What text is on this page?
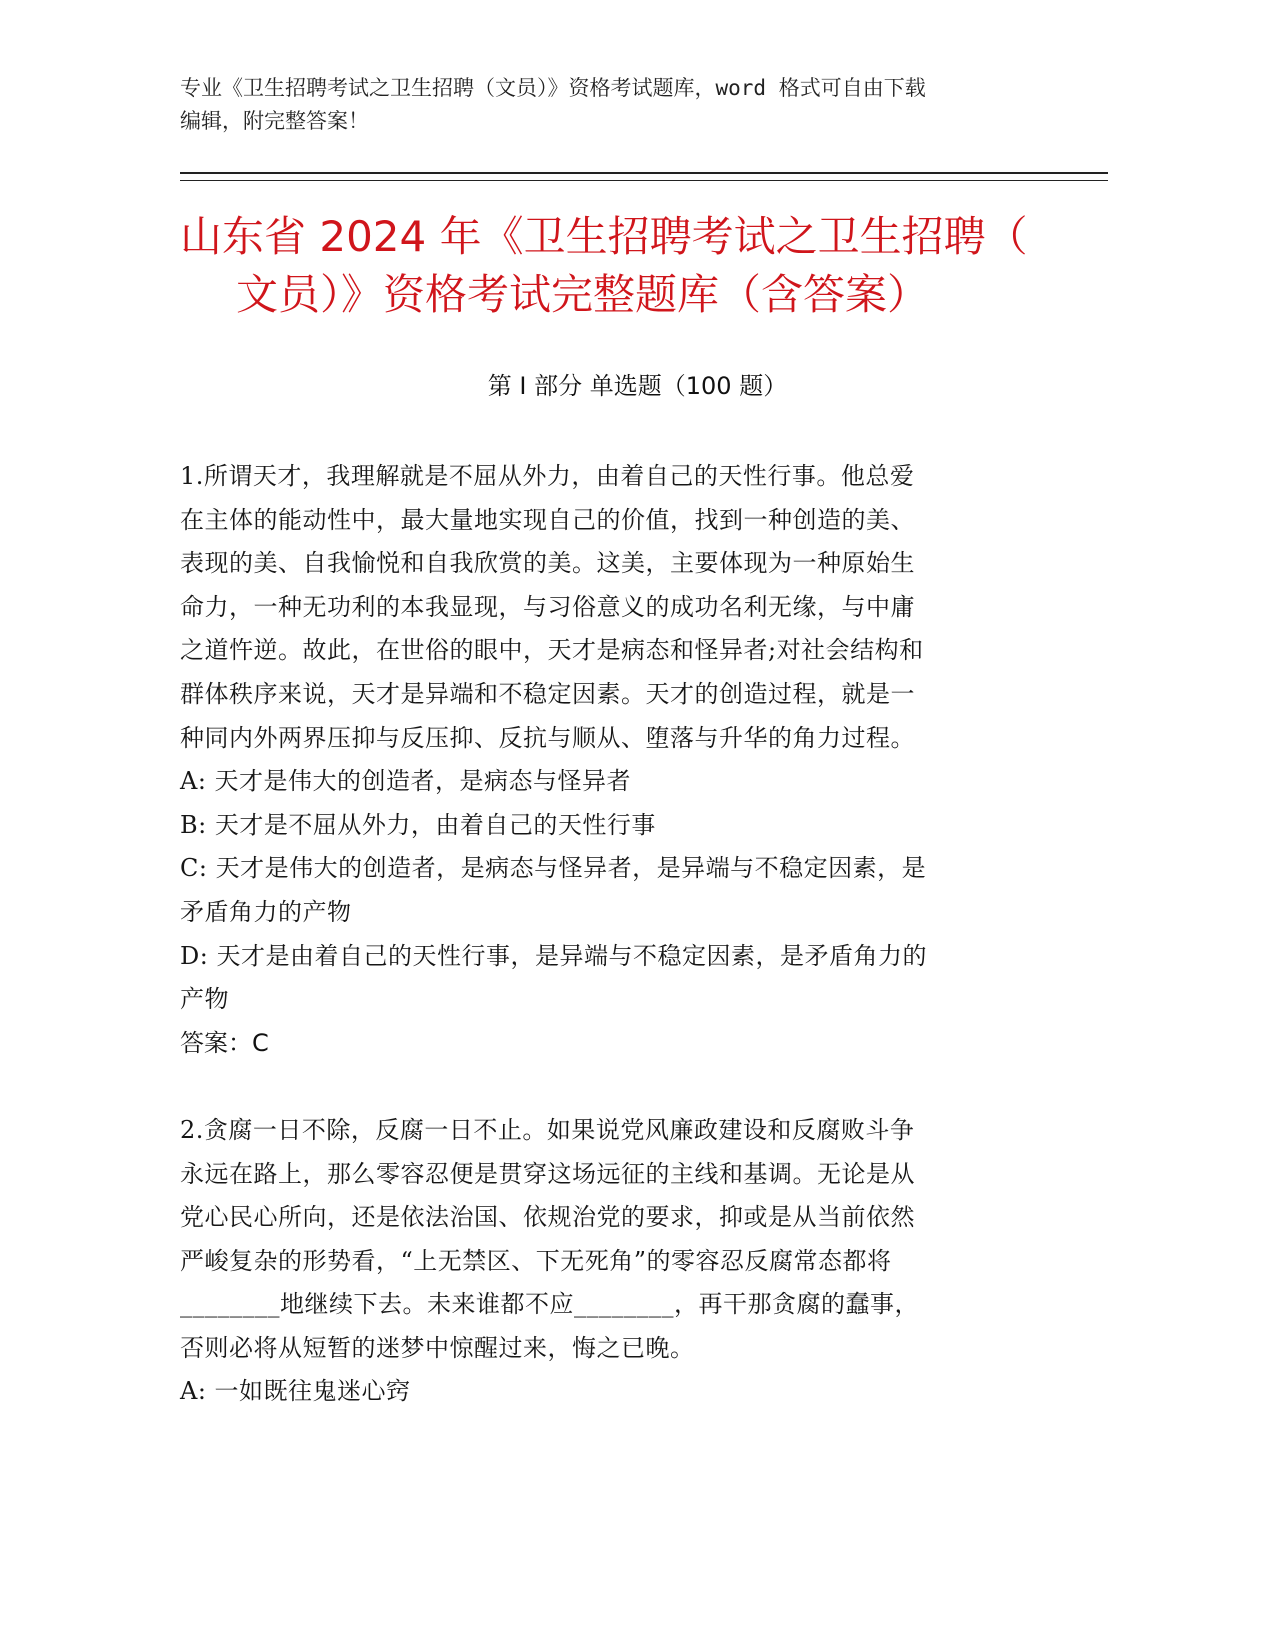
专业《卫生招聘考试之卫生招聘（文员）》资格考试题库，word 格式可自由下载
编辑，附完整答案！
山东省 2024 年《卫生招聘考试之卫生招聘（
文员）》资格考试完整题库（含答案）
第 I 部分 单选题（100 题）
1.所谓天才，我理解就是不屈从外力，由着自己的天性行事。他总爱
在主体的能动性中，最大量地实现自己的价值，找到一种创造的美、
表现的美、自我愉悦和自我欣赏的美。这美，主要体现为一种原始生
命力，一种无功利的本我显现，与习俗意义的成功名利无缘，与中庸
之道忤逆。故此，在世俗的眼中，天才是病态和怪异者;对社会结构和
群体秩序来说，天才是异端和不稳定因素。天才的创造过程，就是一
种同内外两界压抑与反压抑、反抗与顺从、堕落与升华的角力过程。
A: 天才是伟大的创造者，是病态与怪异者
B: 天才是不屈从外力，由着自己的天性行事
C: 天才是伟大的创造者，是病态与怪异者，是异端与不稳定因素，是
矛盾角力的产物
D: 天才是由着自己的天性行事，是异端与不稳定因素，是矛盾角力的
产物
答案：C
2.贪腐一日不除，反腐一日不止。如果说党风廉政建设和反腐败斗争
永远在路上，那么零容忍便是贯穿这场远征的主线和基调。无论是从
党心民心所向，还是依法治国、依规治党的要求，抑或是从当前依然
严峻复杂的形势看，“上无禁区、下无死角”的零容忍反腐常态都将
________地继续下去。未来谁都不应________，再干那贪腐的蠢事，
否则必将从短暂的迷梦中惊醒过来，悔之已晚。
A: 一如既往鬼迷心窍
